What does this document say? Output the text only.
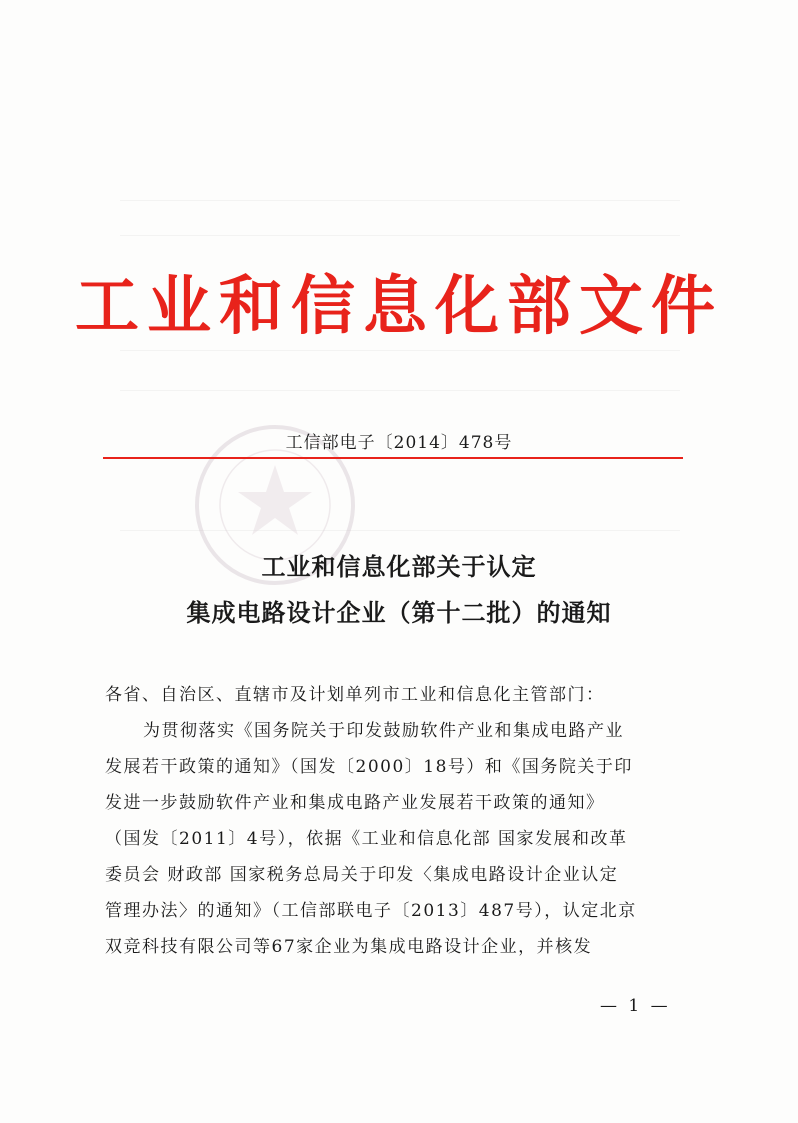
工业和信息化部文件
工信部电子〔2014〕478号
工业和信息化部关于认定
集成电路设计企业（第十二批）的通知
各省、自治区、直辖市及计划单列市工业和信息化主管部门：
为贯彻落实《国务院关于印发鼓励软件产业和集成电路产业
发展若干政策的通知》（国发〔2000〕18号）和《国务院关于印
发进一步鼓励软件产业和集成电路产业发展若干政策的通知》
（国发〔2011〕4号），依据《工业和信息化部 国家发展和改革
委员会 财政部 国家税务总局关于印发〈集成电路设计企业认定
管理办法〉的通知》（工信部联电子〔2013〕487号），认定北京
双竞科技有限公司等67家企业为集成电路设计企业，并核发
— 1 —
